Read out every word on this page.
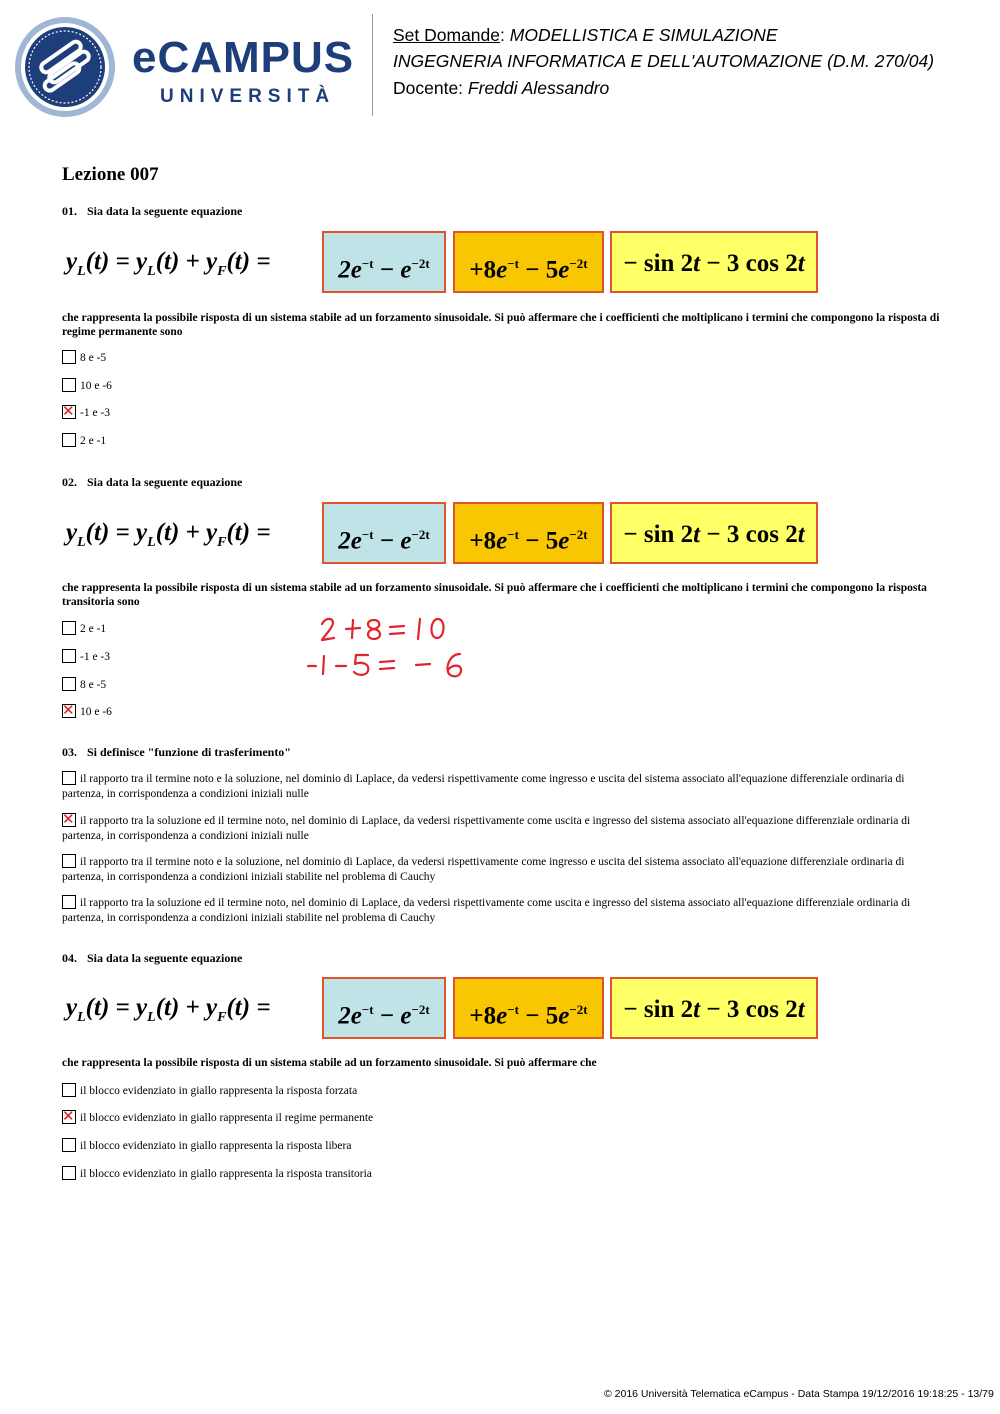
eCAMPUS
UNIVERSITÀ
Set Domande: MODELLISTICA E SIMULAZIONE
INGEGNERIA INFORMATICA E DELL'AUTOMAZIONE (D.M. 270/04)
Docente: Freddi Alessandro
Lezione 007
01. Sia data la seguente equazione
$y_L(t) = y_L(t) + y_F(t)$ =	$2e^{-t} - e^{-2t}$	$+8e^{-t} - 5e^{-2t}$	− sin 2t − 3 cos 2t
che rappresenta la possibile risposta di un sistema stabile ad un forzamento sinusoidale. Si può affermare che i coefficienti che moltiplicano i termini che compongono la risposta di regime permanente sono
8 e -5
10 e -6
✕-1 e -3
2 e -1
02. Sia data la seguente equazione
$y_L(t) = y_L(t) + y_F(t)$ =	$2e^{-t} - e^{-2t}$	$+8e^{-t} - 5e^{-2t}$	− sin 2t − 3 cos 2t
che rappresenta la possibile risposta di un sistema stabile ad un forzamento sinusoidale. Si può affermare che i coefficienti che moltiplicano i termini che compongono la risposta transitoria sono
2 e -1
-1 e -3
8 e -5
✕10 e -6
03. Si definisce "funzione di trasferimento"
il rapporto tra il termine noto e la soluzione, nel dominio di Laplace, da vedersi rispettivamente come ingresso e uscita del sistema associato all'equazione differenziale ordinaria di partenza, in corrispondenza a condizioni iniziali nulle
✕il rapporto tra la soluzione ed il termine noto, nel dominio di Laplace, da vedersi rispettivamente come uscita e ingresso del sistema associato all'equazione differenziale ordinaria di partenza, in corrispondenza a condizioni iniziali nulle
il rapporto tra il termine noto e la soluzione, nel dominio di Laplace, da vedersi rispettivamente come ingresso e uscita del sistema associato all'equazione differenziale ordinaria di partenza, in corrispondenza a condizioni iniziali stabilite nel problema di Cauchy
il rapporto tra la soluzione ed il termine noto, nel dominio di Laplace, da vedersi rispettivamente come uscita e ingresso del sistema associato all'equazione differenziale ordinaria di partenza, in corrispondenza a condizioni iniziali stabilite nel problema di Cauchy
04. Sia data la seguente equazione
$y_L(t) = y_L(t) + y_F(t)$ =	$2e^{-t} - e^{-2t}$	$+8e^{-t} - 5e^{-2t}$	− sin 2t − 3 cos 2t
che rappresenta la possibile risposta di un sistema stabile ad un forzamento sinusoidale. Si può affermare che
il blocco evidenziato in giallo rappresenta la risposta forzata
✕il blocco evidenziato in giallo rappresenta il regime permanente
il blocco evidenziato in giallo rappresenta la risposta libera
il blocco evidenziato in giallo rappresenta la risposta transitoria
© 2016 Università Telematica eCampus - Data Stampa 19/12/2016 19:18:25 - 13/79
